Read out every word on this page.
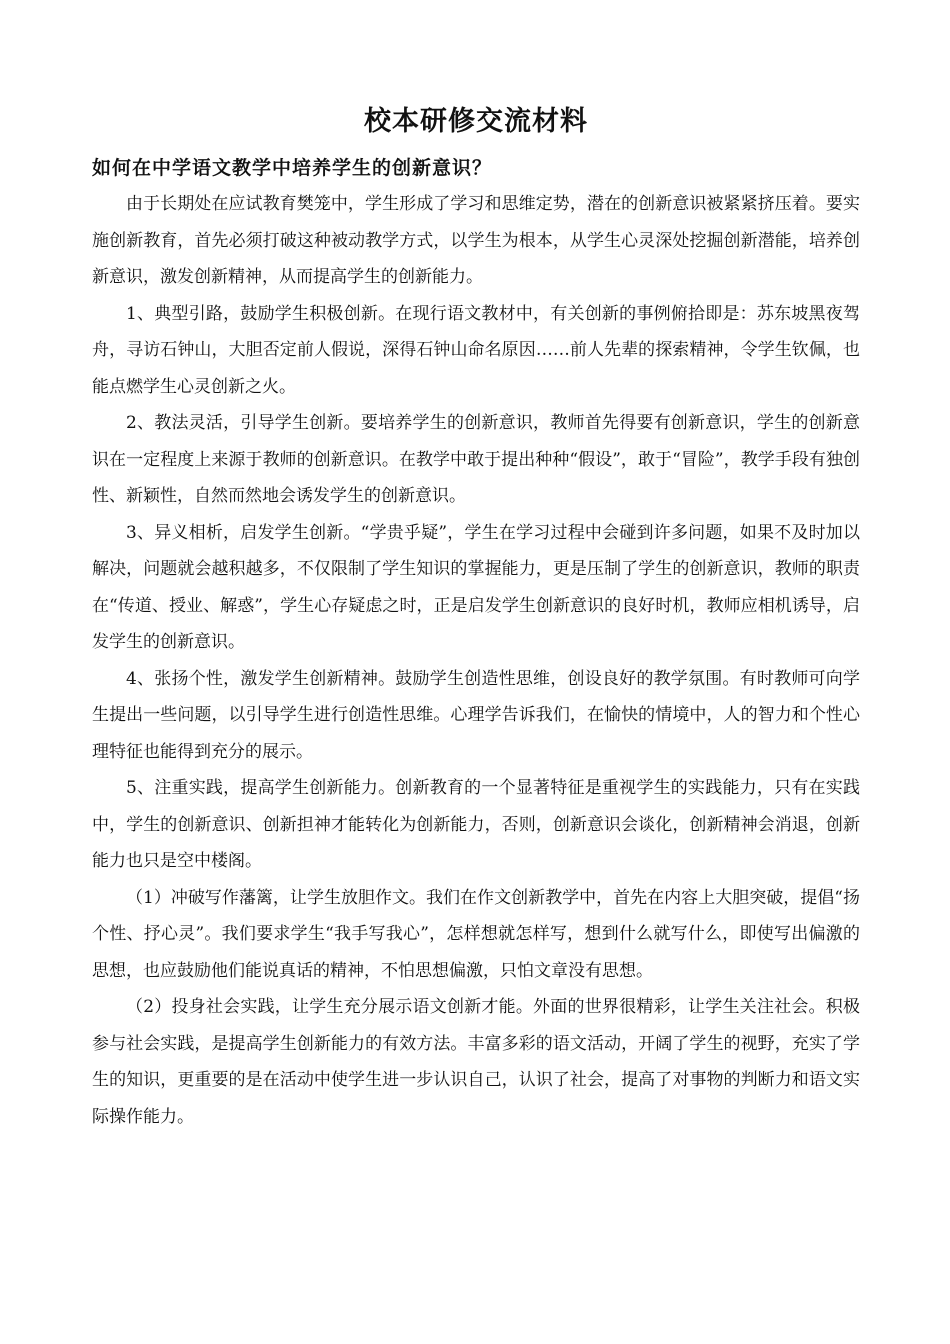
校本研修交流材料
如何在中学语文教学中培养学生的创新意识？

由于长期处在应试教育樊笼中，学生形成了学习和思维定势，潜在的创新意识被紧紧挤压着。要实施创新教育，首先必须打破这种被动教学方式，以学生为根本，从学生心灵深处挖掘创新潜能，培养创新意识，激发创新精神，从而提高学生的创新能力。

1、典型引路，鼓励学生积极创新。在现行语文教材中，有关创新的事例俯拾即是：苏东坡黑夜驾舟，寻访石钟山，大胆否定前人假说，深得石钟山命名原因……前人先辈的探索精神，令学生钦佩，也能点燃学生心灵创新之火。

2、教法灵活，引导学生创新。要培养学生的创新意识，教师首先得要有创新意识，学生的创新意识在一定程度上来源于教师的创新意识。在教学中敢于提出种种“假设”，敢于“冒险”，教学手段有独创性、新颖性，自然而然地会诱发学生的创新意识。

3、异义相析，启发学生创新。“学贵乎疑”，学生在学习过程中会碰到许多问题，如果不及时加以解决，问题就会越积越多，不仅限制了学生知识的掌握能力，更是压制了学生的创新意识，教师的职责在“传道、授业、解惑”，学生心存疑虑之时，正是启发学生创新意识的良好时机，教师应相机诱导，启发学生的创新意识。

4、张扬个性，激发学生创新精神。鼓励学生创造性思维，创设良好的教学氛围。有时教师可向学生提出一些问题，以引导学生进行创造性思维。心理学告诉我们，在愉快的情境中，人的智力和个性心理特征也能得到充分的展示。

5、注重实践，提高学生创新能力。创新教育的一个显著特征是重视学生的实践能力，只有在实践中，学生的创新意识、创新担神才能转化为创新能力，否则，创新意识会谈化，创新精神会消退，创新能力也只是空中楼阁。

（1）冲破写作藩篱，让学生放胆作文。我们在作文创新教学中，首先在内容上大胆突破，提倡“扬个性、抒心灵”。我们要求学生“我手写我心”，怎样想就怎样写，想到什么就写什么，即使写出偏激的思想，也应鼓励他们能说真话的精神，不怕思想偏激，只怕文章没有思想。

（2）投身社会实践，让学生充分展示语文创新才能。外面的世界很精彩，让学生关注社会。积极参与社会实践，是提高学生创新能力的有效方法。丰富多彩的语文活动，开阔了学生的视野，充实了学生的知识，更重要的是在活动中使学生进一步认识自己，认识了社会，提高了对事物的判断力和语文实际操作能力。
